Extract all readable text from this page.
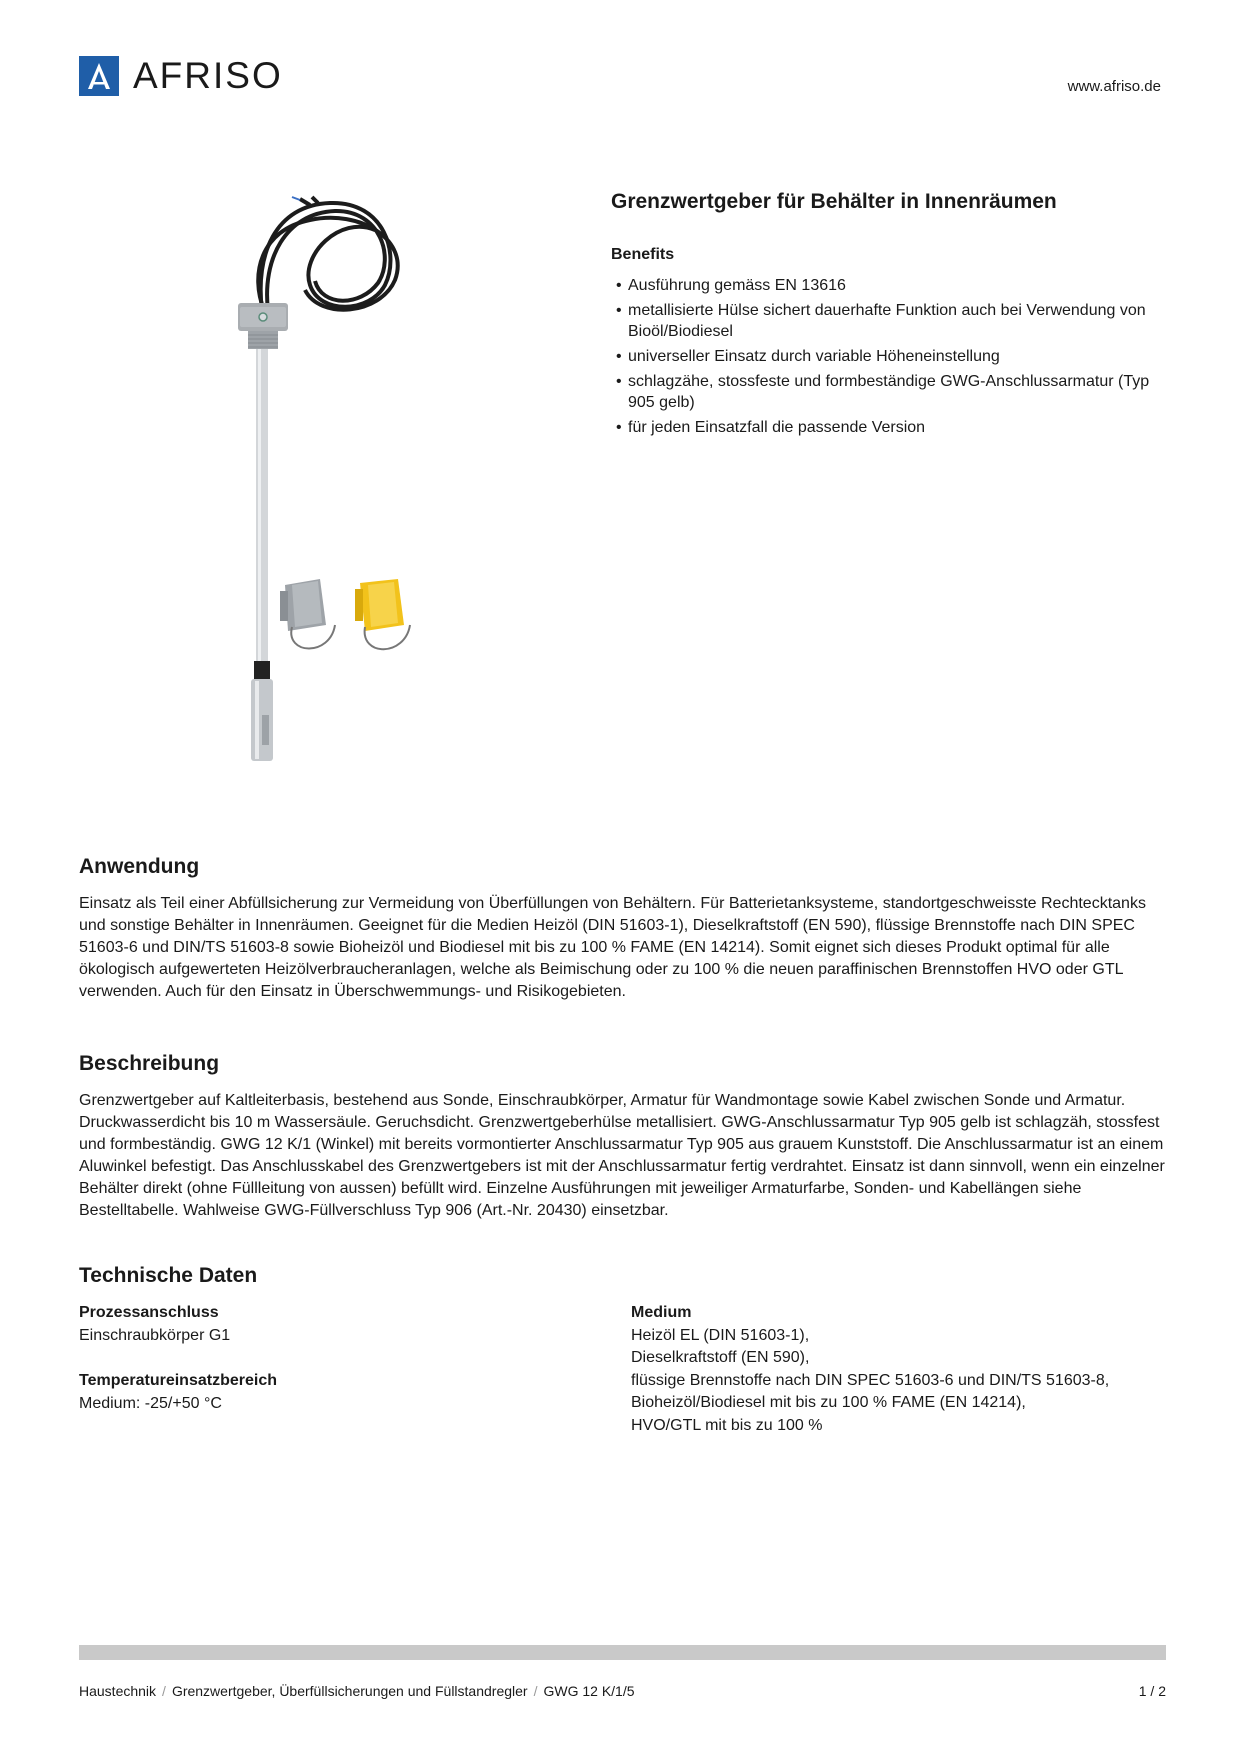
AFRISO	www.afriso.de
Grenzwertgeber für Behälter in Innenräumen
Benefits
• Ausführung gemäss EN 13616
• metallisierte Hülse sichert dauerhafte Funktion auch bei Verwendung von Bioöl/Biodiesel
• universeller Einsatz durch variable Höheneinstellung
• schlagzähe, stossfeste und formbeständige GWG-Anschlussarmatur (Typ 905 gelb)
• für jeden Einsatzfall die passende Version
Anwendung

Einsatz als Teil einer Abfüllsicherung zur Vermeidung von Überfüllungen von Behältern. Für Batterietanksysteme, standortgeschweisste Rechtecktanks und sonstige Behälter in Innenräumen. Geeignet für die Medien Heizöl (DIN 51603-1), Dieselkraftstoff (EN 590), flüssige Brennstoffe nach DIN SPEC 51603-6 und DIN/TS 51603-8 sowie Bioheizöl und Biodiesel mit bis zu 100 % FAME (EN 14214). Somit eignet sich dieses Produkt optimal für alle ökologisch aufgewerteten Heizölverbraucheranlagen, welche als Beimischung oder zu 100 % die neuen paraffinischen Brennstoffen HVO oder GTL verwenden. Auch für den Einsatz in Überschwemmungs- und Risikogebieten.

Beschreibung

Grenzwertgeber auf Kaltleiterbasis, bestehend aus Sonde, Einschraubkörper, Armatur für Wandmontage sowie Kabel zwischen Sonde und Armatur. Druckwasserdicht bis 10 m Wassersäule. Geruchsdicht. Grenzwertgeberhülse metallisiert. GWG-Anschlussarmatur Typ 905 gelb ist schlagzäh, stossfest und formbeständig. GWG 12 K/1 (Winkel) mit bereits vormontierter Anschlussarmatur Typ 905 aus grauem Kunststoff. Die Anschlussarmatur ist an einem Aluwinkel befestigt. Das Anschlusskabel des Grenzwertgebers ist mit der Anschlussarmatur fertig verdrahtet. Einsatz ist dann sinnvoll, wenn ein einzelner Behälter direkt (ohne Füllleitung von aussen) befüllt wird. Einzelne Ausführungen mit jeweiliger Armaturfarbe, Sonden- und Kabellängen siehe Bestelltabelle. Wahlweise GWG-Füllverschluss Typ 906 (Art.-Nr. 20430) einsetzbar.

Technische Daten
Prozessanschluss

Einschraubkörper G1

Temperatureinsatzbereich

Medium: -25/+50 °C

Medium

Heizöl EL (DIN 51603-1),

Dieselkraftstoff (EN 590),

flüssige Brennstoffe nach DIN SPEC 51603-6 und DIN/TS 51603-8,

Bioheizöl/Biodiesel mit bis zu 100 % FAME (EN 14214),

HVO/GTL mit bis zu 100 %

Haustechnik / Grenzwertgeber, Überfüllsicherungen und Füllstandregler / GWG 12 K/1/5	1 / 2
